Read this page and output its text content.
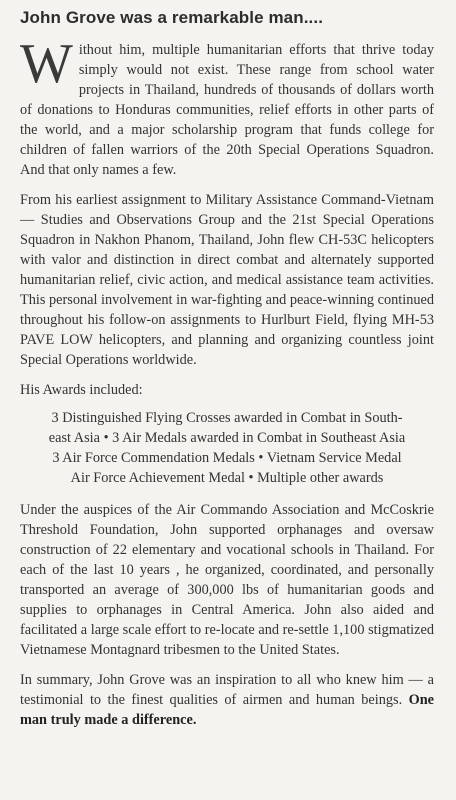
John Grove was a remarkable man....

Without him, multiple humanitarian efforts that thrive today simply would not exist. These range from school water projects in Thailand, hundreds of thousands of dollars worth of donations to Honduras communities, relief efforts in other parts of the world, and a major scholarship program that funds college for children of fallen warriors of the 20th Special Operations Squadron. And that only names a few.

From his earliest assignment to Military Assistance Command-Vietnam — Studies and Observations Group and the 21st Special Operations Squadron in Nakhon Phanom, Thailand, John flew CH-53C helicopters with valor and distinction in direct combat and alternately supported humanitarian relief, civic action, and medical assistance team activities. This personal involvement in war-fighting and peace-winning continued throughout his follow-on assignments to Hurlburt Field, flying MH-53 PAVE LOW helicopters, and planning and organizing countless joint Special Operations worldwide.

His Awards included:

3 Distinguished Flying Crosses awarded in Combat in South-
east Asia • 3 Air Medals awarded in Combat in Southeast Asia
3 Air Force Commendation Medals • Vietnam Service Medal
Air Force Achievement Medal • Multiple other awards

Under the auspices of the Air Commando Association and McCoskrie Threshold Foundation, John supported orphanages and oversaw construction of 22 elementary and vocational schools in Thailand. For each of the last 10 years , he organized, coordinated, and personally transported an average of 300,000 lbs of humanitarian goods and supplies to orphanages in Central America. John also aided and facilitated a large scale effort to re-locate and re-settle 1,100 stigmatized Vietnamese Montagnard tribesmen to the United States.

In summary, John Grove was an inspiration to all who knew him — a testimonial to the finest qualities of airmen and human beings. One man truly made a difference.
